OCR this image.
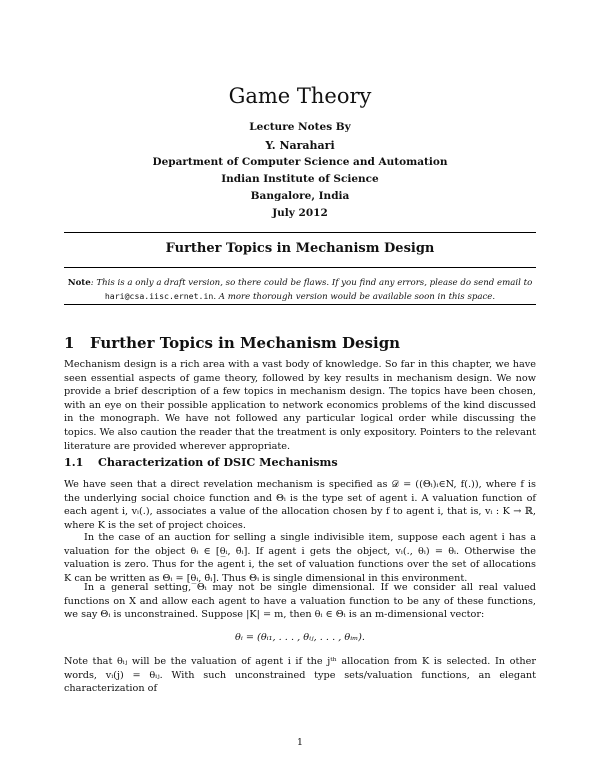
Game Theory
Lecture Notes By
Y. Narahari
Department of Computer Science and Automation
Indian Institute of Science
Bangalore, India
July 2012
Further Topics in Mechanism Design
Note: This is a only a draft version, so there could be flaws. If you find any errors, please do send email to
hari@csa.iisc.ernet.in. A more thorough version would be available soon in this space.
1 Further Topics in Mechanism Design
Mechanism design is a rich area with a vast body of knowledge. So far in this chapter, we have seen essential aspects of game theory, followed by key results in mechanism design. We now provide a brief description of a few topics in mechanism design. The topics have been chosen, with an eye on their possible application to network economics problems of the kind discussed in the monograph. We have not followed any particular logical order while discussing the topics. We also caution the reader that the treatment is only expository. Pointers to the relevant literature are provided wherever appropriate.
1.1 Characterization of DSIC Mechanisms
We have seen that a direct revelation mechanism is specified as 𝒟 = ((Θᵢ)ᵢ∈N, f(.)), where f is the underlying social choice function and Θᵢ is the type set of agent i. A valuation function of each agent i, vᵢ(.), associates a value of the allocation chosen by f to agent i, that is, vᵢ : K → ℝ, where K is the set of project choices.
In the case of an auction for selling a single indivisible item, suppose each agent i has a valuation for the object θᵢ ∈ [θ̲ᵢ, θ̄ᵢ]. If agent i gets the object, vᵢ(., θᵢ) = θᵢ. Otherwise the valuation is zero. Thus for the agent i, the set of valuation functions over the set of allocations K can be written as Θᵢ = [θ̲ᵢ, θ̄ᵢ]. Thus Θᵢ is single dimensional in this environment.
In a general setting, Θᵢ may not be single dimensional. If we consider all real valued functions on X and allow each agent to have a valuation function to be any of these functions, we say Θᵢ is unconstrained. Suppose |K| = m, then θᵢ ∈ Θᵢ is an m-dimensional vector:
θᵢ = (θᵢ₁, . . . , θᵢⱼ, . . . , θᵢₘ).
Note that θᵢⱼ will be the valuation of agent i if the jᵗʰ allocation from K is selected. In other words, vᵢ(j) = θᵢⱼ. With such unconstrained type sets/valuation functions, an elegant characterization of
1
